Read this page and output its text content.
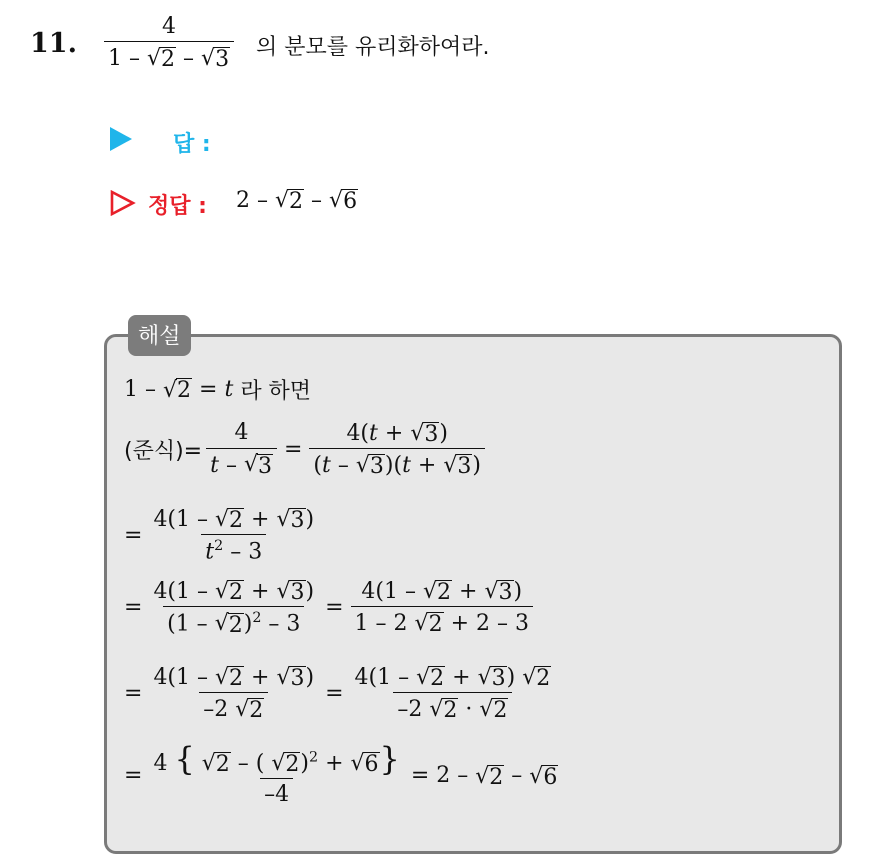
11. $\frac{4}{1 - √ 2 - √ 3}$ 의 분모를 유리화하여라.
답 :
정답 : 2 – √ 2 – √ 6
해설
1 –
√ 2
=
t
라 하면
(준식)= $\frac{4}{t - √ 3}$
=
$\frac{4(t + √ 3 )}{(t - √ 3 )(t + √ 3 )}$
=
$\frac{4(1 - √ 2 + √ 3 )}{t^2 - 3}$
=
$\frac{4(1 - √ 2 + √ 3 )}{(1 - √ 2 )^2 - 3}$
=
$\frac{4(1 - √ 2 + √ 3 )}{1 - 2 √ 2 + 2 - 3}$
=
$\frac{4(1 - √ 2 + √ 3 )}{-2 √ 2}$
=
$\frac{4(1 - √ 2 + √ 3 ) √ 2}{-2 √ 2 \cdot √ 2}$
=
$\frac{4 \{ √ 2 - ( √ 2 )^2 + √ 6 \}}{-4}$
= 2 –
√ 2
–
√ 6
